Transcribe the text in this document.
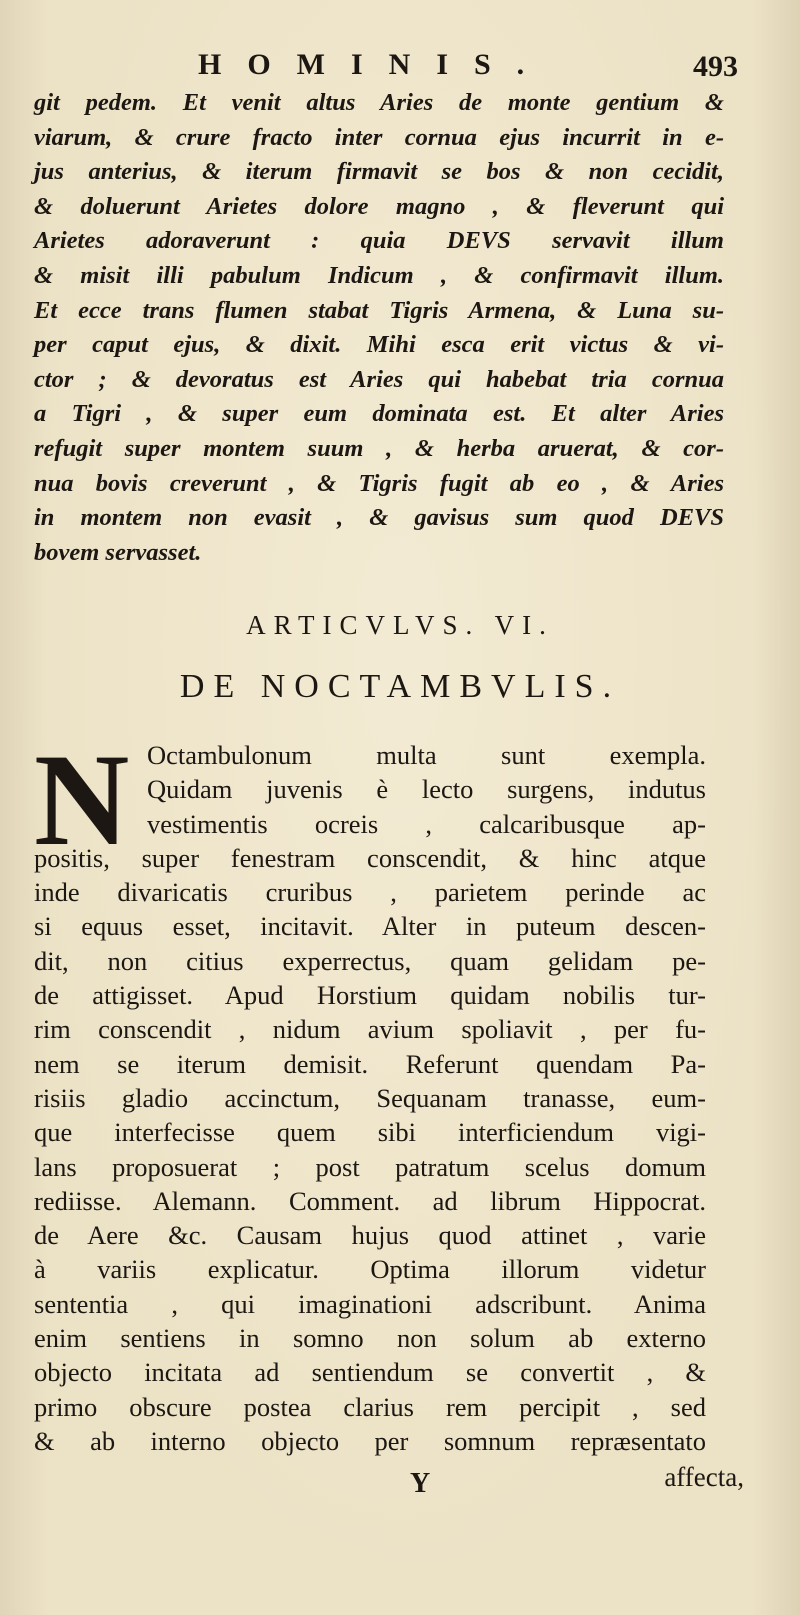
HOMINIS.	493
git pedem. Et venit altus Aries de monte gentium &
viarum, & crure fracto inter cornua ejus incurrit in e-
jus anterius, & iterum firmavit se bos & non cecidit,
& doluerunt Arietes dolore magno , & fleverunt qui
Arietes adoraverunt : quia DEVS servavit illum
& misit illi pabulum Indicum , & confirmavit illum.
Et ecce trans flumen stabat Tigris Armena, & Luna su-
per caput ejus, & dixit. Mihi esca erit victus & vi-
ctor ; & devoratus est Aries qui habebat tria cornua
a Tigri , & super eum dominata est. Et alter Aries
refugit super montem suum , & herba aruerat, & cor-
nua bovis creverunt , & Tigris fugit ab eo , & Aries
in montem non evasit , & gavisus sum quod DEVS
bovem servasset.
ARTICVLVS. VI.
DE NOCTAMBVLIS.
N Octambulonum multa sunt exempla.
Quidam juvenis è lecto surgens, indutus
vestimentis ocreis , calcaribusque ap-
positis, super fenestram conscendit, & hinc atque
inde divaricatis cruribus , parietem perinde ac
si equus esset, incitavit. Alter in puteum descen-
dit, non citius experrectus, quam gelidam pe-
de attigisset. Apud Horstium quidam nobilis tur-
rim conscendit , nidum avium spoliavit , per fu-
nem se iterum demisit. Referunt quendam Pa-
risiis gladio accinctum, Sequanam tranasse, eum-
que interfecisse quem sibi interficiendum vigi-
lans proposuerat ; post patratum scelus domum
rediisse. Alemann. Comment. ad librum Hippocrat.
de Aere &c. Causam hujus quod attinet , varie
à variis explicatur. Optima illorum videtur
sententia , qui imaginationi adscribunt. Anima
enim sentiens in somno non solum ab externo
objecto incitata ad sentiendum se convertit , &
primo obscure postea clarius rem percipit , sed
& ab interno objecto per somnum repræsentato
Y	affecta,
